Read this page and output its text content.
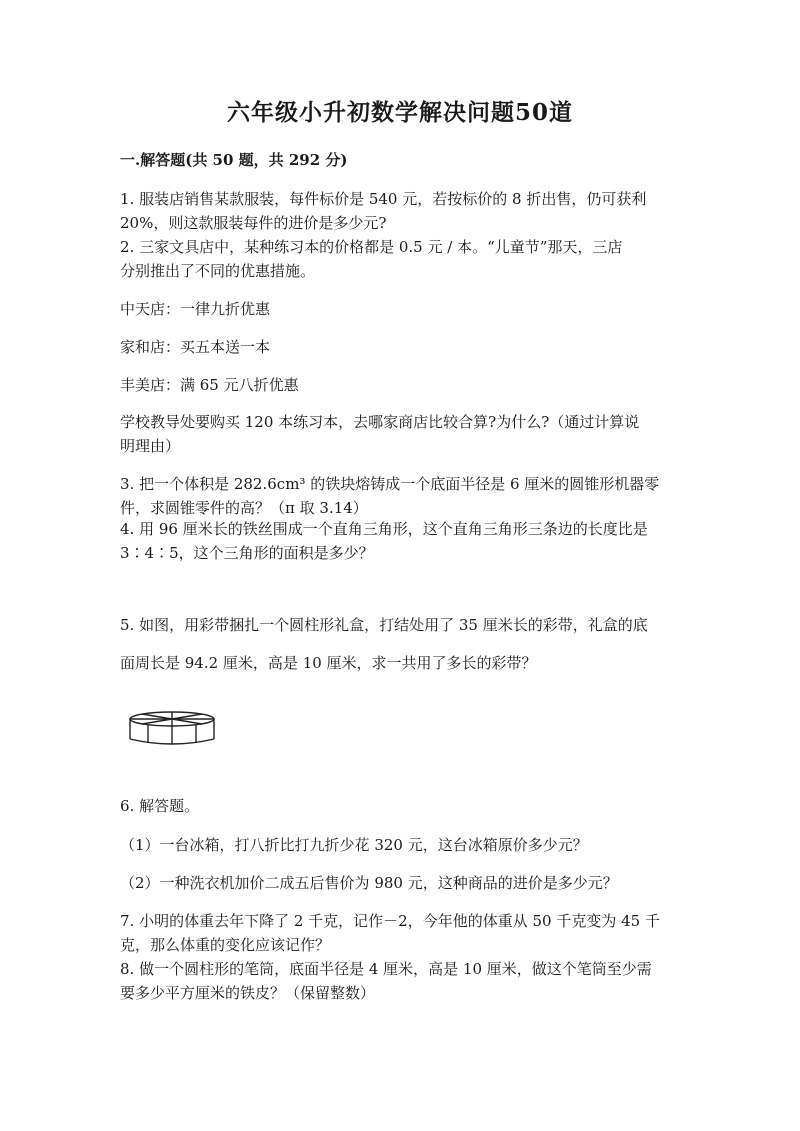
六年级小升初数学解决问题50道
一.解答题(共 50 题，共 292 分)
1. 服装店销售某款服装，每件标价是 540 元，若按标价的 8 折出售，仍可获利
20%，则这款服装每件的进价是多少元?
2. 三家文具店中，某种练习本的价格都是 0.5 元 / 本。“儿童节”那天，三店
分别推出了不同的优惠措施。
中天店：一律九折优惠
家和店：买五本送一本
丰美店：满 65 元八折优惠
学校教导处要购买 120 本练习本，去哪家商店比较合算?为什么?（通过计算说
明理由）
3. 把一个体积是 282.6cm³ 的铁块熔铸成一个底面半径是 6 厘米的圆锥形机器零
件，求圆锥零件的高？（π 取 3.14）
4. 用 96 厘米长的铁丝围成一个直角三角形，这个直角三角形三条边的长度比是
3∶4∶5，这个三角形的面积是多少？
5. 如图，用彩带捆扎一个圆柱形礼盒，打结处用了 35 厘米长的彩带，礼盒的底
面周长是 94.2 厘米，高是 10 厘米，求一共用了多长的彩带？
6. 解答题。
（1）一台冰箱，打八折比打九折少花 320 元，这台冰箱原价多少元？
（2）一种洗衣机加价二成五后售价为 980 元，这种商品的进价是多少元？
7. 小明的体重去年下降了 2 千克，记作－2，今年他的体重从 50 千克变为 45 千
克，那么体重的变化应该记作？
8. 做一个圆柱形的笔筒，底面半径是 4 厘米，高是 10 厘米，做这个笔筒至少需
要多少平方厘米的铁皮？（保留整数）
